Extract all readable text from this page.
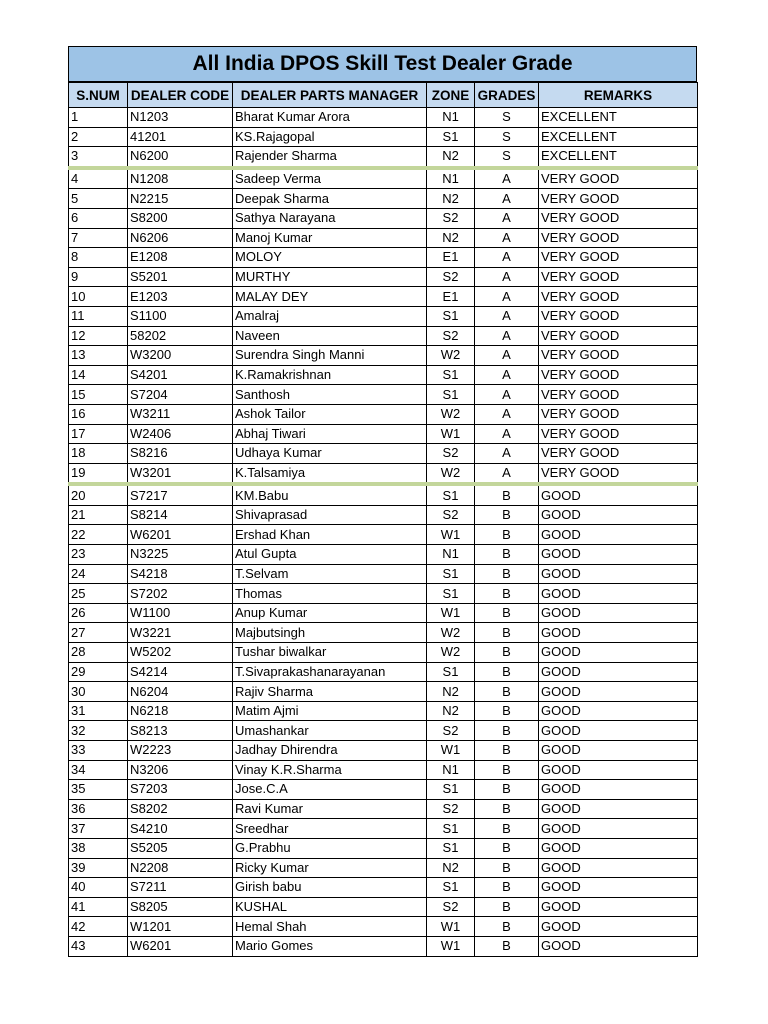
All India DPOS Skill Test Dealer Grade
S.NUM	DEALER CODE	DEALER PARTS MANAGER	ZONE	GRADES	REMARKS
1	N1203	Bharat Kumar Arora	N1	S	EXCELLENT
2	41201	KS.Rajagopal	S1	S	EXCELLENT
3	N6200	Rajender Sharma	N2	S	EXCELLENT
4	N1208	Sadeep Verma	N1	A	VERY GOOD
5	N2215	Deepak Sharma	N2	A	VERY GOOD
6	S8200	Sathya Narayana	S2	A	VERY GOOD
7	N6206	Manoj Kumar	N2	A	VERY GOOD
8	E1208	MOLOY	E1	A	VERY GOOD
9	S5201	MURTHY	S2	A	VERY GOOD
10	E1203	MALAY DEY	E1	A	VERY GOOD
11	S1100	Amalraj	S1	A	VERY GOOD
12	58202	Naveen	S2	A	VERY GOOD
13	W3200	Surendra Singh Manni	W2	A	VERY GOOD
14	S4201	K.Ramakrishnan	S1	A	VERY GOOD
15	S7204	Santhosh	S1	A	VERY GOOD
16	W3211	Ashok Tailor	W2	A	VERY GOOD
17	W2406	Abhaj Tiwari	W1	A	VERY GOOD
18	S8216	Udhaya Kumar	S2	A	VERY GOOD
19	W3201	K.Talsamiya	W2	A	VERY GOOD
20	S7217	KM.Babu	S1	B	GOOD
21	S8214	Shivaprasad	S2	B	GOOD
22	W6201	Ershad Khan	W1	B	GOOD
23	N3225	Atul Gupta	N1	B	GOOD
24	S4218	T.Selvam	S1	B	GOOD
25	S7202	Thomas	S1	B	GOOD
26	W1100	Anup Kumar	W1	B	GOOD
27	W3221	Majbutsingh	W2	B	GOOD
28	W5202	Tushar biwalkar	W2	B	GOOD
29	S4214	T.Sivaprakashanarayanan	S1	B	GOOD
30	N6204	Rajiv Sharma	N2	B	GOOD
31	N6218	Matim Ajmi	N2	B	GOOD
32	S8213	Umashankar	S2	B	GOOD
33	W2223	Jadhay Dhirendra	W1	B	GOOD
34	N3206	Vinay K.R.Sharma	N1	B	GOOD
35	S7203	Jose.C.A	S1	B	GOOD
36	S8202	Ravi Kumar	S2	B	GOOD
37	S4210	Sreedhar	S1	B	GOOD
38	S5205	G.Prabhu	S1	B	GOOD
39	N2208	Ricky Kumar	N2	B	GOOD
40	S7211	Girish babu	S1	B	GOOD
41	S8205	KUSHAL	S2	B	GOOD
42	W1201	Hemal Shah	W1	B	GOOD
43	W6201	Mario Gomes	W1	B	GOOD
